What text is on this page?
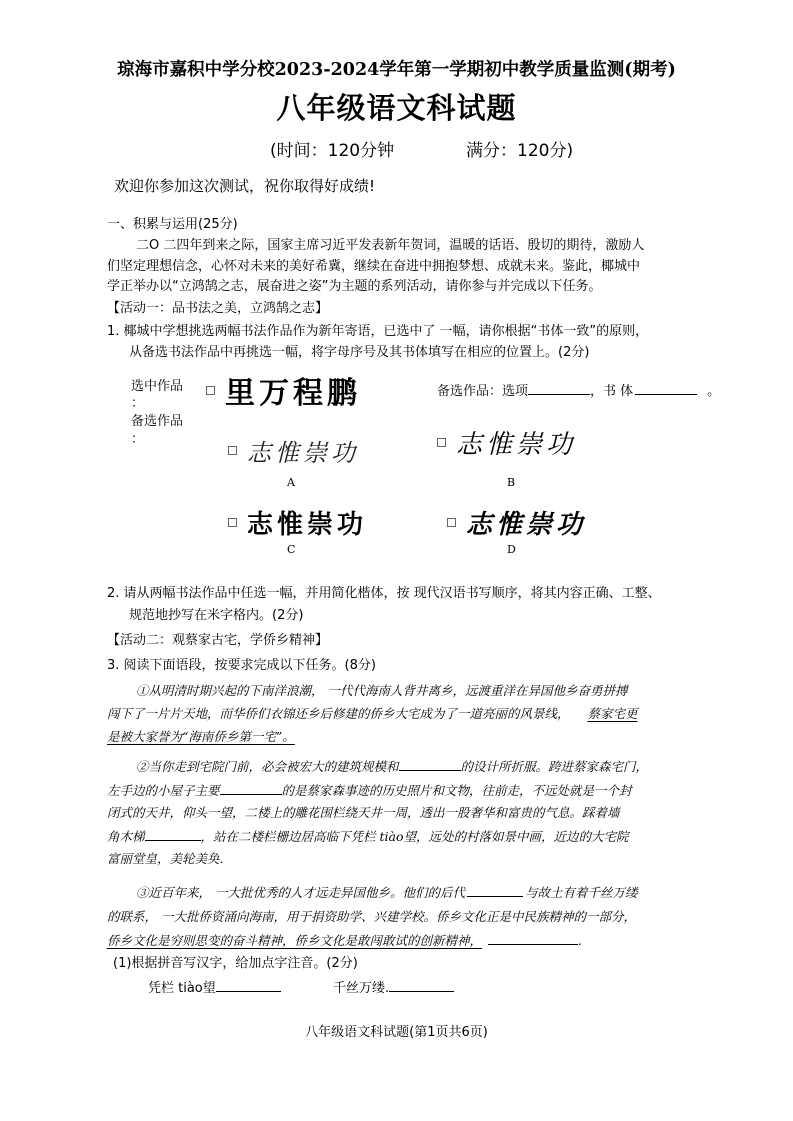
琼海市嘉积中学分校2023-2024学年第一学期初中教学质量监测(期考)
八年级语文科试题
(时间：120分钟	满分：120分)
欢迎你参加这次测试，祝你取得好成绩!
一、积累与运用(25分)
二O 二四年到来之际，国家主席习近平发表新年贺词，温暖的话语、殷切的期待，激励人
们坚定理想信念，心怀对未来的美好希冀，继续在奋进中拥抱梦想、成就未来。鉴此，椰城中
学正举办以“立鸿鹄之志，展奋进之姿”为主题的系列活动，请你参与并完成以下任务。
【活动一：品书法之美，立鸿鹄之志】
1. 椰城中学想挑选两幅书法作品作为新年寄语，已选中了 一幅，请你根据“书体一致”的原则，
从备选书法作品中再挑选一幅，将字母序号及其书体填写在相应的位置上。(2分)
选中作品
：
备选作品
：
里万程鹏	备选作品：选项	，书 体	。
志惟崇功
A
志惟崇功
B
志惟崇功
C
志惟崇功
D
2. 请从两幅书法作品中任选一幅，并用简化楷体，按 现代汉语书写顺序，将其内容正确、工整、
规范地抄写在米字格内。(2分)
【活动二：观蔡家古宅，学侨乡精神】
3. 阅读下面语段，按要求完成以下任务。(8分)
①从明清时期兴起的下南洋浪潮， 一代代海南人背井离乡，远渡重洋在异国他乡奋勇拼搏
闯下了一片片天地，而华侨们衣锦还乡后修建的侨乡大宅成为了一道亮丽的风景线， 蔡家宅更
是被大家誉为“海南侨乡第一宅”。
②当你走到宅院门前，必会被宏大的建筑规模和	的设计所折服。跨进蔡家森宅门，
左手边的小屋子主要	的是蔡家森事迹的历史照片和文物，往前走，不远处就是一个封
闭式的天井，仰头一望，二楼上的雕花围栏绕天井一周，透出一股奢华和富贵的气息。踩着墙
角木梯	，站在二楼栏栅边居高临下凭栏 tiào望，远处的村落如景中画，近边的大宅院
富丽堂皇，美轮美奂.
③近百年来， 一大批优秀的人才远走异国他乡。他们的后代	与故土有着千丝万缕
的联系， 一大批侨资涌向海南，用于捐资助学、兴建学校。侨乡文化正是中民族精神的一部分，
侨乡文化是穷则思变的奋斗精神，侨乡文化是敢闯敢试的创新精神，	.
(1)根据拼音写汉字，给加点字注音。(2分)
凭栏 tiào望	千丝万缕.
八年级语文科试题(第1页共6页)
